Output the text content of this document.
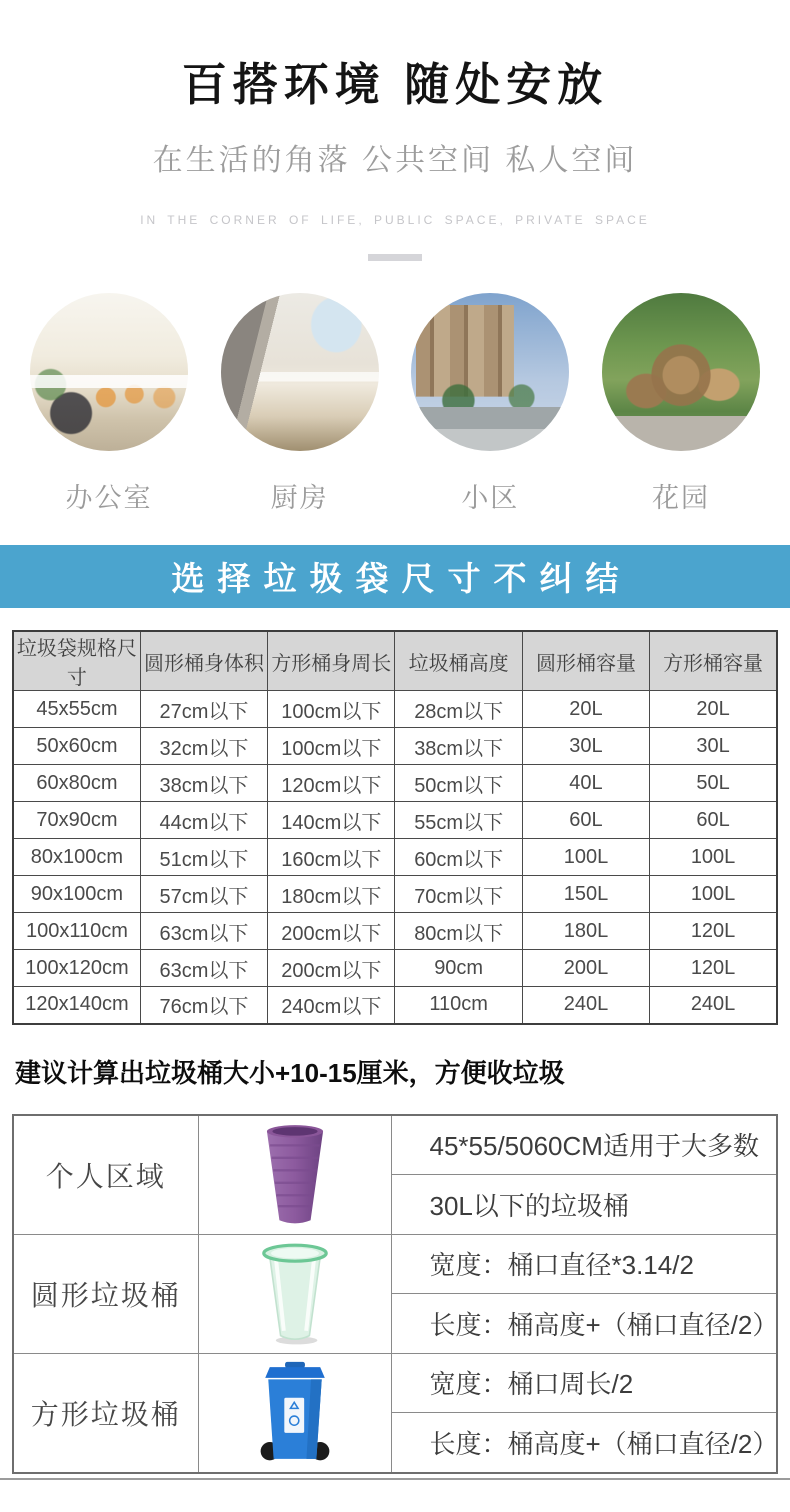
百搭环境 随处安放
在生活的角落 公共空间 私人空间
IN THE CORNER OF LIFE, PUBLIC SPACE, PRIVATE SPACE
办公室	厨房	小区	花园
选择垃圾袋尺寸不纠结
垃圾袋规格尺寸	圆形桶身体积	方形桶身周长	垃圾桶高度	圆形桶容量	方形桶容量
45x55cm	27cm以下	100cm以下	28cm以下	20L	20L
50x60cm	32cm以下	100cm以下	38cm以下	30L	30L
60x80cm	38cm以下	120cm以下	50cm以下	40L	50L
70x90cm	44cm以下	140cm以下	55cm以下	60L	60L
80x100cm	51cm以下	160cm以下	60cm以下	100L	100L
90x100cm	57cm以下	180cm以下	70cm以下	150L	100L
100x110cm	63cm以下	200cm以下	80cm以下	180L	120L
100x120cm	63cm以下	200cm以下	90cm	200L	120L
120x140cm	76cm以下	240cm以下	110cm	240L	240L
建议计算出垃圾桶大小+10-15厘米，方便收垃圾
个人区域		45*55/5060CM适用于大多数
		30L以下的垃圾桶
圆形垃圾桶		宽度：桶口直径*3.14/2
		长度：桶高度+（桶口直径/2）
方形垃圾桶		宽度：桶口周长/2
		长度：桶高度+（桶口直径/2）
